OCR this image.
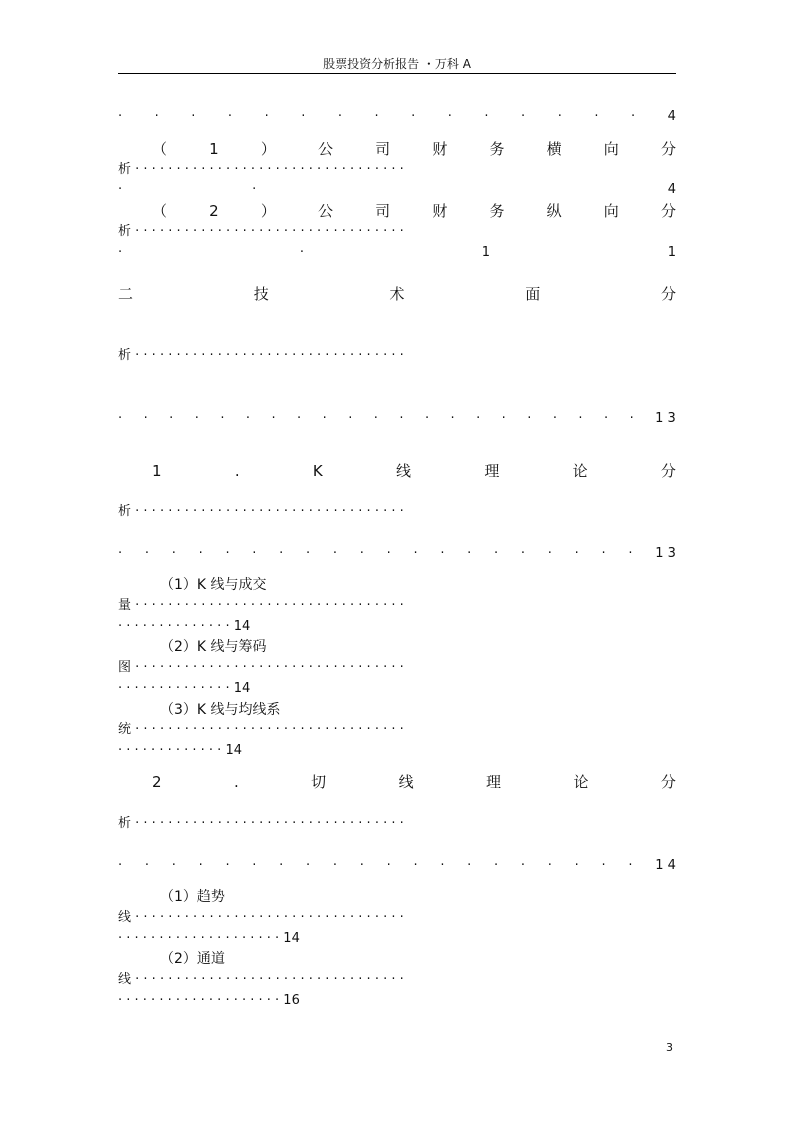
股票投资分析报告 ・万科 A
·	·	·	·	·	·	·	·	·	·	·	·	·	·	·	4
（	1	）	公	司	财	务	横	向	分
析 · · · · · · · · · · · · · · · · · · · · · · · · · · · · · · · · ·
·	·	4
（	2	）	公	司	财	务	纵	向	分
析 · · · · · · · · · · · · · · · · · · · · · · · · · · · · · · · · ·
·	·	1	1
二	技	术	面	分
析 · · · · · · · · · · · · · · · · · · · · · · · · · · · · · · · · ·
· · · · · · · · · · · · · · · · · · · · · 1 3
1	.	K	线	理	论	分
析 · · · · · · · · · · · · · · · · · · · · · · · · · · · · · · · · ·
· · · · · · · · · · · · · · · · · · · · 1 3
（1）K 线与成交
量 · · · · · · · · · · · · · · · · · · · · · · · · · · · · · · · · ·
· · · · · · · · · · · · · · 14
（2）K 线与筹码
图 · · · · · · · · · · · · · · · · · · · · · · · · · · · · · · · · ·
· · · · · · · · · · · · · · 14
（3）K 线与均线系
统 · · · · · · · · · · · · · · · · · · · · · · · · · · · · · · · · ·
· · · · · · · · · · · · · 14
2	.	切	线	理	论	分
析 · · · · · · · · · · · · · · · · · · · · · · · · · · · · · · · · ·
· · · · · · · · · · · · · · · · · · · · 1 4
（1）趋势
线 · · · · · · · · · · · · · · · · · · · · · · · · · · · · · · · · ·
· · · · · · · · · · · · · · · · · · · · 14
（2）通道
线 · · · · · · · · · · · · · · · · · · · · · · · · · · · · · · · · ·
· · · · · · · · · · · · · · · · · · · · 16
3
